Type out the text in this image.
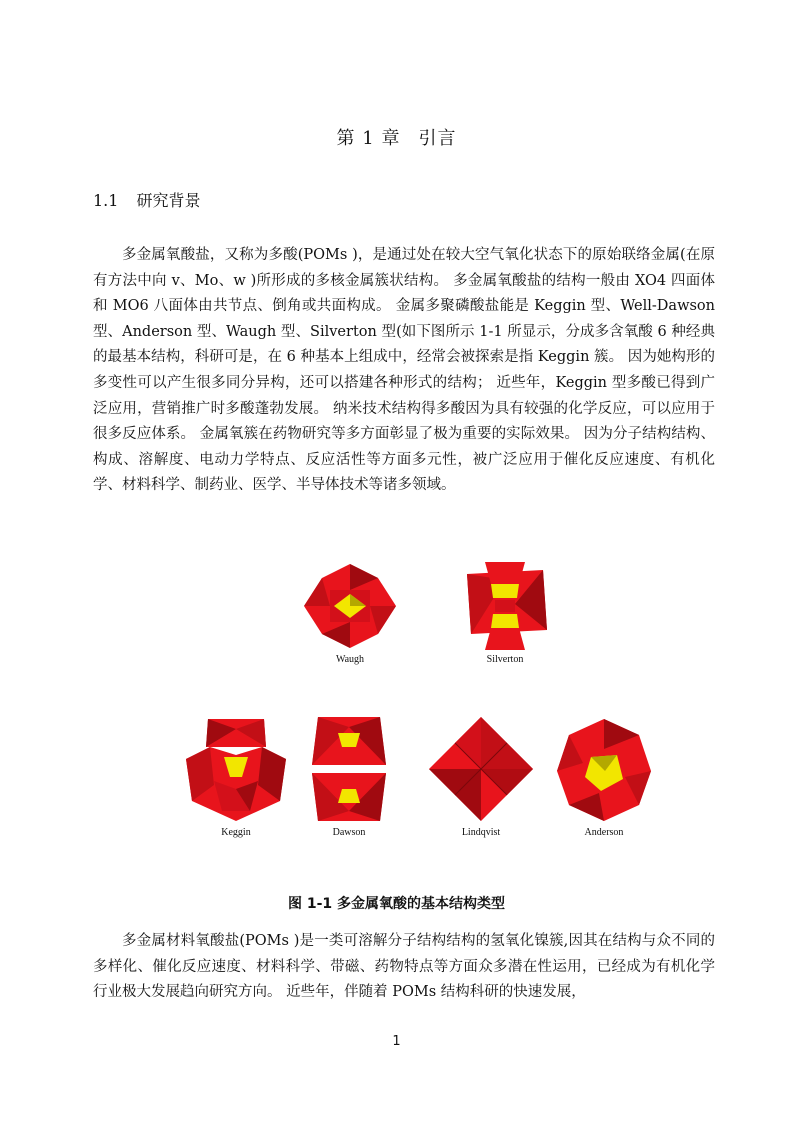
第 1 章 引言
1.1 研究背景

多金属氧酸盐，又称为多酸(POMs )，是通过处在较大空气氧化状态下的原始联络金属(在原有方法中向 v、Mo、w )所形成的多核金属簇状结构。 多金属氧酸盐的结构一般由 XO4 四面体和 MO6 八面体由共节点、倒角或共面构成。 金属多聚磷酸盐能是 Keggin 型、Well-Dawson 型、Anderson 型、Waugh 型、Silverton 型(如下图所示 1-1 所显示，分成多含氧酸 6 种经典的最基本结构，科研可是，在 6 种基本上组成中，经常会被探索是指 Keggin 簇。 因为她构形的多变性可以产生很多同分异构，还可以搭建各种形式的结构； 近些年，Keggin 型多酸已得到广泛应用，营销推广时多酸蓬勃发展。 纳米技术结构得多酸因为具有较强的化学反应，可以应用于很多反应体系。 金属氧簇在药物研究等多方面彰显了极为重要的实际效果。 因为分子结构结构、构成、溶解度、电动力学特点、反应活性等方面多元性，被广泛应用于催化反应速度、有机化学、材料科学、制药业、医学、半导体技术等诸多领域。

Waugh	Silverton
Keggin	Dawson	Lindqvist	Anderson
图 1-1 多金属氧酸的基本结构类型

多金属材料氧酸盐(POMs )是一类可溶解分子结构结构的氢氧化镍簇,因其在结构与众不同的多样化、催化反应速度、材料科学、带磁、药物特点等方面众多潜在性运用，已经成为有机化学行业极大发展趋向研究方向。 近些年，伴随着 POMs 结构科研的快速发展，

1
